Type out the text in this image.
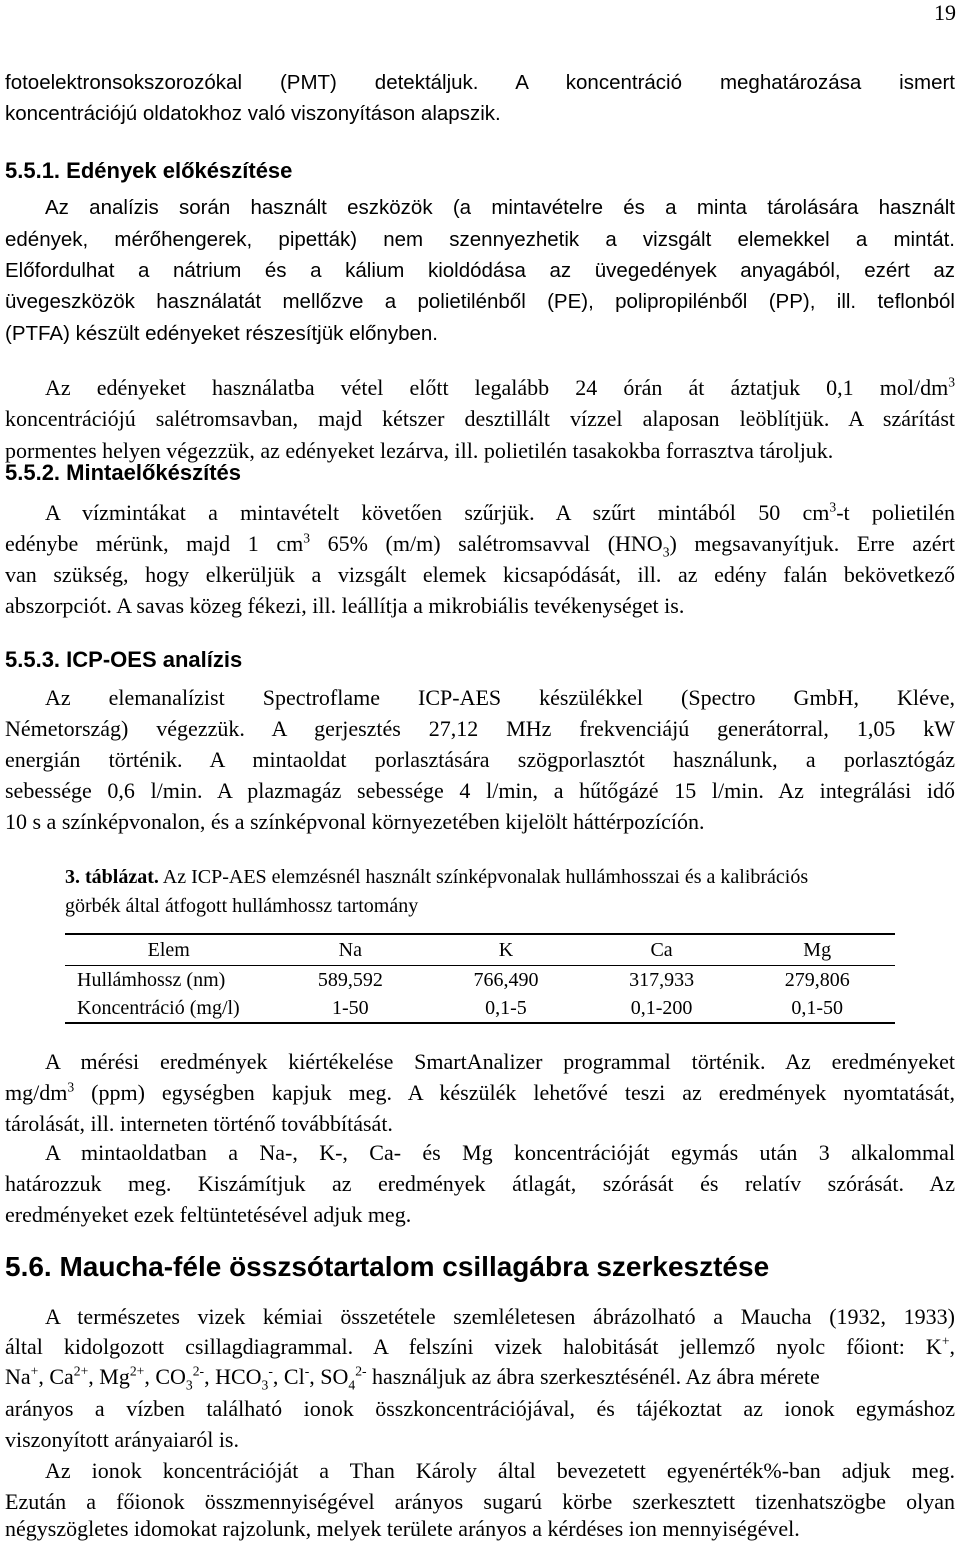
19
fotoelektronsokszorozókal (PMT) detektáljuk. A koncentráció meghatározása ismert
koncentrációjú oldatokhoz való viszonyításon alapszik.
5.5.1. Edények előkészítése
Az analízis során használt eszközök (a mintavételre és a minta tárolására használt
edények, mérőhengerek, pipetták) nem szennyezhetik a vizsgált elemekkel a mintát.
Előfordulhat a nátrium és a kálium kioldódása az üvegedények anyagából, ezért az
üvegeszközök használatát mellőzve a polietilénből (PE), polipropilénből (PP), ill. teflonból
(PTFA) készült edényeket részesítjük előnyben.
Az edényeket használatba vétel előtt legalább 24 órán át áztatjuk 0,1 mol/$dm^3$
koncentrációjú salétromsavban, majd kétszer desztillált vízzel alaposan leöblítjük. A szárítást
pormentes helyen végezzük, az edényeket lezárva, ill. polietilén tasakokba forrasztva tároljuk.
5.5.2. Mintaelőkészítés
A vízmintákat a mintavételt követően szűrjük. A szűrt mintából 50 $cm^3-t$ polietilén
edénybe mérünk, majd 1 $cm^3$ 65% (m/m) salétromsavval $(HNO_3)$ megsavanyítjuk. Erre azért
van szükség, hogy elkerüljük a vizsgált elemek kicsapódását, ill. az edény falán bekövetkező
abszorpciót. A savas közeg fékezi, ill. leállítja a mikrobiális tevékenységet is.
5.5.3. ICP-OES analízis
Az elemanalízist Spectroflame ICP-AES készülékkel (Spectro GmbH, Kléve,
Németország) végezzük. A gerjesztés 27,12 MHz frekvenciájú generátorral, 1,05 kW
energián történik. A mintaoldat porlasztására szögporlasztót használunk, a porlasztógáz
sebessége 0,6 l/min. A plazmagáz sebessége 4 l/min, a hűtőgázé 15 l/min. Az integrálási idő
10 s a színképvonalon, és a színképvonal környezetében kijelölt háttérpozícíón.
3. táblázat. Az ICP-AES elemzésnél használt színképvonalak hullámhosszai és a kalibrációs
görbék által átfogott hullámhossz tartomány
Elem	Na	K	Ca	Mg
Hullámhossz (nm)	589,592	766,490	317,933	279,806
Koncentráció (mg/l)	1-50	0,1-5	0,1-200	0,1-50
A mérési eredmények kiértékelése SmartAnalizer programmal történik. Az eredményeket
$mg/dm^3$ (ppm) egységben kapjuk meg. A készülék lehetővé teszi az eredmények nyomtatását,
tárolását, ill. interneten történő továbbítását.
A mintaoldatban a Na-, K-, Ca- és Mg koncentrációját egymás után 3 alkalommal
határozzuk meg. Kiszámítjuk az eredmények átlagát, szórását és relatív szórását. Az
eredményeket ezek feltüntetésével adjuk meg.
5.6. Maucha-féle összsótartalom csillagábra szerkesztése
A természetes vizek kémiai összetétele szemléletesen ábrázolható a Maucha (1932, 1933)
által kidolgozott csillagdiagrammal. A felszíni vizek halobitását jellemző nyolc főiont: K+,
Na+, $Ca^{2+}$, $Mg^{2+}$, $CO_3^{2-}$, $HCO_3^-$, Cl-, $SO_4^{2-}$ használjuk az ábra szerkesztésénél. Az ábra mérete
arányos a vízben található ionok összkoncentrációjával, és tájékoztat az ionok egymáshoz
viszonyított arányaiaról is.
Az ionok koncentrációját a Than Károly által bevezetett egyenérték%-ban adjuk meg.
Ezután a főionok összmennyiségével arányos sugarú körbe szerkesztett tizenhatszögbe olyan
négyszögletes idomokat rajzolunk, melyek területe arányos a kérdéses ion mennyiségével.
